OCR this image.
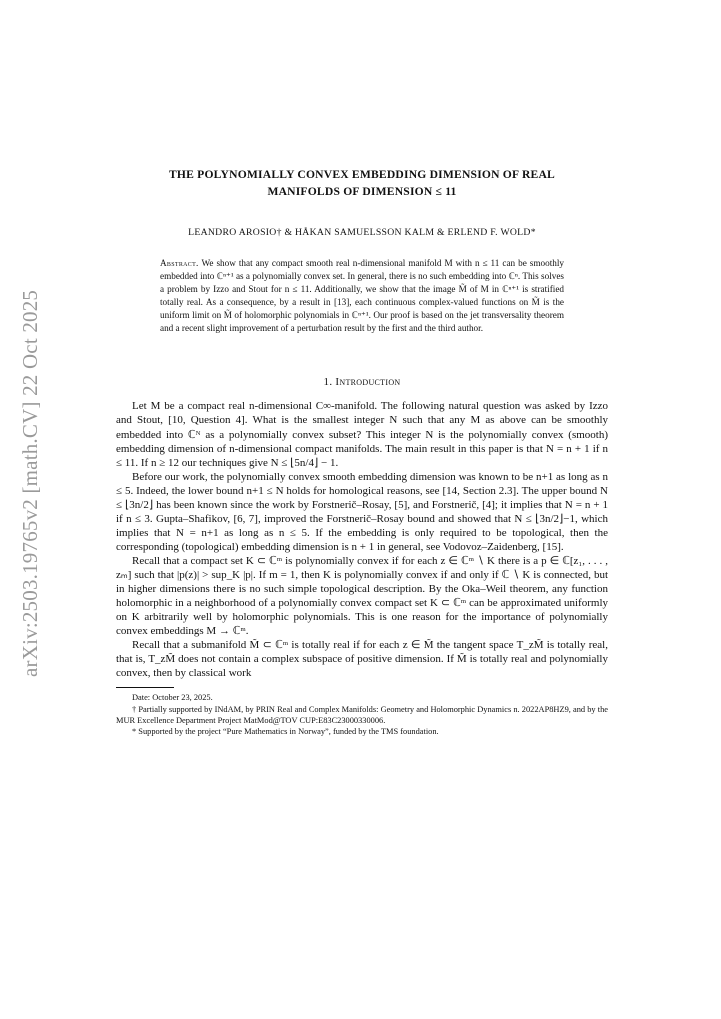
arXiv:2503.19765v2 [math.CV] 22 Oct 2025
THE POLYNOMIALLY CONVEX EMBEDDING DIMENSION OF REAL
MANIFOLDS OF DIMENSION ≤ 11
LEANDRO AROSIO† & HÅKAN SAMUELSSON KALM & ERLEND F. WOLD*
Abstract. We show that any compact smooth real n-dimensional manifold M with n ≤ 11 can be smoothly embedded into ℂⁿ⁺¹ as a polynomially convex set. In general, there is no such embedding into ℂⁿ. This solves a problem by Izzo and Stout for n ≤ 11. Additionally, we show that the image M̃ of M in ℂⁿ⁺¹ is stratified totally real. As a consequence, by a result in [13], each continuous complex-valued functions on M̃ is the uniform limit on M̃ of holomorphic polynomials in ℂⁿ⁺¹. Our proof is based on the jet transversality theorem and a recent slight improvement of a perturbation result by the first and the third author.
1. Introduction

Let M be a compact real n-dimensional C∞-manifold. The following natural question was asked by Izzo and Stout, [10, Question 4]. What is the smallest integer N such that any M as above can be smoothly embedded into ℂᴺ as a polynomially convex subset? This integer N is the polynomially convex (smooth) embedding dimension of n-dimensional compact manifolds. The main result in this paper is that N = n + 1 if n ≤ 11. If n ≥ 12 our techniques give N ≤ ⌊5n/4⌋ − 1.

Before our work, the polynomially convex smooth embedding dimension was known to be n+1 as long as n ≤ 5. Indeed, the lower bound n+1 ≤ N holds for homological reasons, see [14, Section 2.3]. The upper bound N ≤ ⌊3n/2⌋ has been known since the work by Forstnerič–Rosay, [5], and Forstnerič, [4]; it implies that N = n + 1 if n ≤ 3. Gupta–Shafikov, [6, 7], improved the Forstnerič–Rosay bound and showed that N ≤ ⌊3n/2⌋−1, which implies that N = n+1 as long as n ≤ 5. If the embedding is only required to be topological, then the corresponding (topological) embedding dimension is n + 1 in general, see Vodovoz–Zaidenberg, [15].

Recall that a compact set K ⊂ ℂᵐ is polynomially convex if for each z ∈ ℂᵐ ∖ K there is a p ∈ ℂ[z₁, . . . , zₘ] such that |p(z)| > sup_K |p|. If m = 1, then K is polynomially convex if and only if ℂ ∖ K is connected, but in higher dimensions there is no such simple topological description. By the Oka–Weil theorem, any function holomorphic in a neighborhood of a polynomially convex compact set K ⊂ ℂᵐ can be approximated uniformly on K arbitrarily well by holomorphic polynomials. This is one reason for the importance of polynomially convex embeddings M → ℂᵐ.

Recall that a submanifold M̃ ⊂ ℂᵐ is totally real if for each z ∈ M̃ the tangent space T_zM̃ is totally real, that is, T_zM̃ does not contain a complex subspace of positive dimension. If M̃ is totally real and polynomially convex, then by classical work

Date: October 23, 2025.

† Partially supported by INdAM, by PRIN Real and Complex Manifolds: Geometry and Holomorphic Dynamics n. 2022AP8HZ9, and by the MUR Excellence Department Project MatMod@TOV CUP:E83C23000330006.

* Supported by the project “Pure Mathematics in Norway”, funded by the TMS foundation.
